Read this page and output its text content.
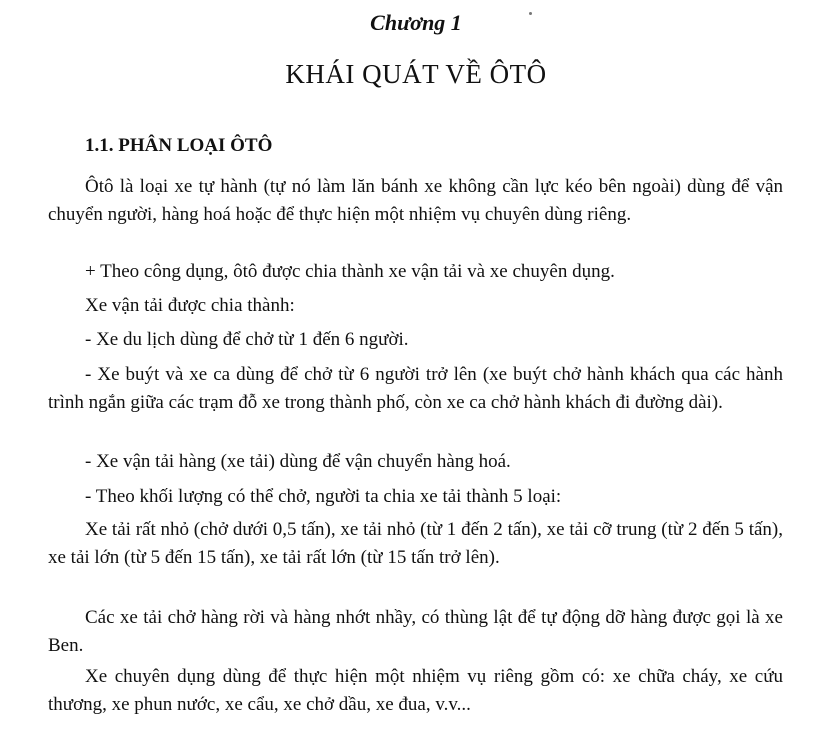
Chương 1
KHÁI QUÁT VỀ ÔTÔ
1.1. PHÂN LOẠI ÔTÔ

Ôtô là loại xe tự hành (tự nó làm lăn bánh xe không cần lực kéo bên ngoài) dùng để vận chuyển người, hàng hoá hoặc để thực hiện một nhiệm vụ chuyên dùng riêng.

+ Theo công dụng, ôtô được chia thành xe vận tải và xe chuyên dụng.

Xe vận tải được chia thành:

- Xe du lịch dùng để chở từ 1 đến 6 người.

- Xe buýt và xe ca dùng để chở từ 6 người trở lên (xe buýt chở hành khách qua các hành trình ngắn giữa các trạm đỗ xe trong thành phố, còn xe ca chở hành khách đi đường dài).

- Xe vận tải hàng (xe tải) dùng để vận chuyển hàng hoá.

- Theo khối lượng có thể chở, người ta chia xe tải thành 5 loại:

Xe tải rất nhỏ (chở dưới 0,5 tấn), xe tải nhỏ (từ 1 đến 2 tấn), xe tải cỡ trung (từ 2 đến 5 tấn), xe tải lớn (từ 5 đến 15 tấn), xe tải rất lớn (từ 15 tấn trở lên).

Các xe tải chở hàng rời và hàng nhớt nhầy, có thùng lật để tự động dỡ hàng được gọi là xe Ben.

Xe chuyên dụng dùng để thực hiện một nhiệm vụ riêng gồm có: xe chữa cháy, xe cứu thương, xe phun nước, xe cẩu, xe chở dầu, xe đua, v.v...
